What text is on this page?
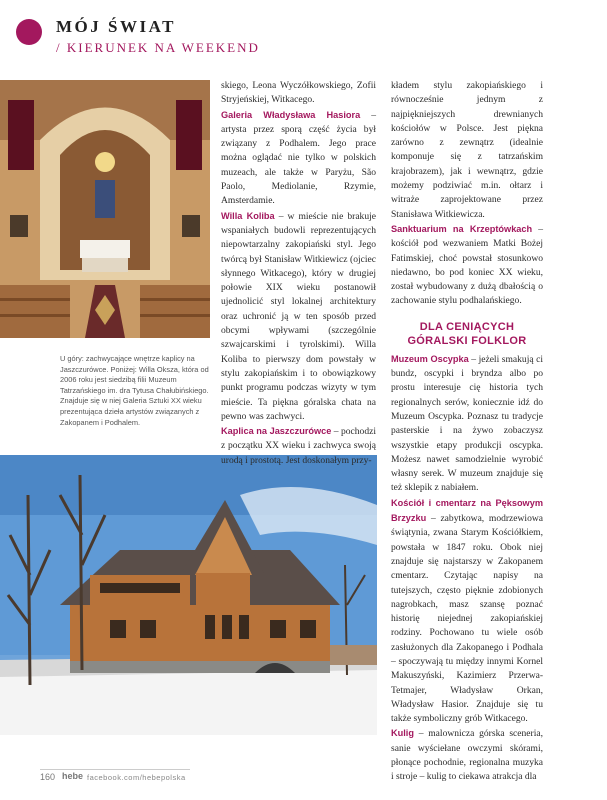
MÓJ ŚWIAT
/ KIERUNEK NA WEEKEND

U góry: zachwycające wnętrze kaplicy na Jaszczurówce. Poniżej: Willa Oksza, która od 2006 roku jest siedzibą filii Muzeum Tatrzańskiego im. dra Tytusa Chałubińskiego. Znajduje się w niej Galeria Sztuki XX wieku prezentująca dzieła artystów związanych z Zakopanem i Podhalem.

skiego, Leona Wyczółkowskiego, Zofii Stryjeńskiej, Witkacego.

Galeria Władysława Hasiora – artysta przez sporą część życia był związany z Podhalem. Jego prace można oglądać nie tylko w polskich muzeach, ale także w Paryżu, São Paolo, Mediolanie, Rzymie, Amsterdamie.

Willa Koliba – w mieście nie brakuje wspaniałych budowli reprezentujących niepowtarzalny zakopiański styl. Jego twórcą był Stanisław Witkiewicz (ojciec słynnego Witkacego), który w drugiej połowie XIX wieku postanowił ujednolicić styl lokalnej architektury oraz uchronić ją w ten sposób przed obcymi wpływami (szczególnie szwajcarskimi i tyrolskimi). Willa Koliba to pierwszy dom powstały w stylu zakopiańskim i to obowiązkowy punkt programu podczas wizyty w tym mieście. Ta piękna góralska chata na pewno was zachwyci.

Kaplica na Jaszczurówce – pochodzi z początku XX wieku i zachwyca swoją urodą i prostotą. Jest doskonałym przy-

kładem stylu zakopiańskiego i równocześnie jednym z najpiękniejszych drewnianych kościołów w Polsce. Jest piękna zarówno z zewnątrz (idealnie komponuje się z tatrzańskim krajobrazem), jak i wewnątrz, gdzie możemy podziwiać m.in. ołtarz i witraże zaprojektowane przez Stanisława Witkiewicza.

Sanktuarium na Krzeptówkach – kościół pod wezwaniem Matki Bożej Fatimskiej, choć powstał stosunkowo niedawno, bo pod koniec XX wieku, został wybudowany z dużą dbałością o zachowanie stylu podhalańskiego.

DLA CENIĄCYCH
GÓRALSKI FOLKLOR

Muzeum Oscypka – jeżeli smakują ci bundz, oscypki i bryndza albo po prostu interesuje cię historia tych regionalnych serów, koniecznie idź do Muzeum Oscypka. Poznasz tu tradycje pasterskie i na żywo zobaczysz wszystkie etapy produkcji oscypka. Możesz nawet samodzielnie wyrobić własny serek. W muzeum znajduje się też sklepik z nabiałem.

Kościół i cmentarz na Pęksowym Brzyzku – zabytkowa, modrzewiowa świątynia, zwana Starym Kościółkiem, powstała w 1847 roku. Obok niej znajduje się najstarszy w Zakopanem cmentarz. Czytając napisy na tutejszych, często pięknie zdobionych nagrobkach, masz szansę poznać historię niejednej zakopiańskiej rodziny. Pochowano tu wiele osób zasłużonych dla Zakopanego i Podhala – spoczywają tu między innymi Kornel Makuszyński, Kazimierz Przerwa-Tetmajer, Władysław Orkan, Władysław Hasior. Znajduje się tu także symboliczny grób Witkacego.

Kulig – malownicza górska sceneria, sanie wyściełane owczymi skórami, płonące pochodnie, regionalna muzyka i stroje – kulig to ciekawa atrakcja dla

160 hebe facebook.com/hebepolska
